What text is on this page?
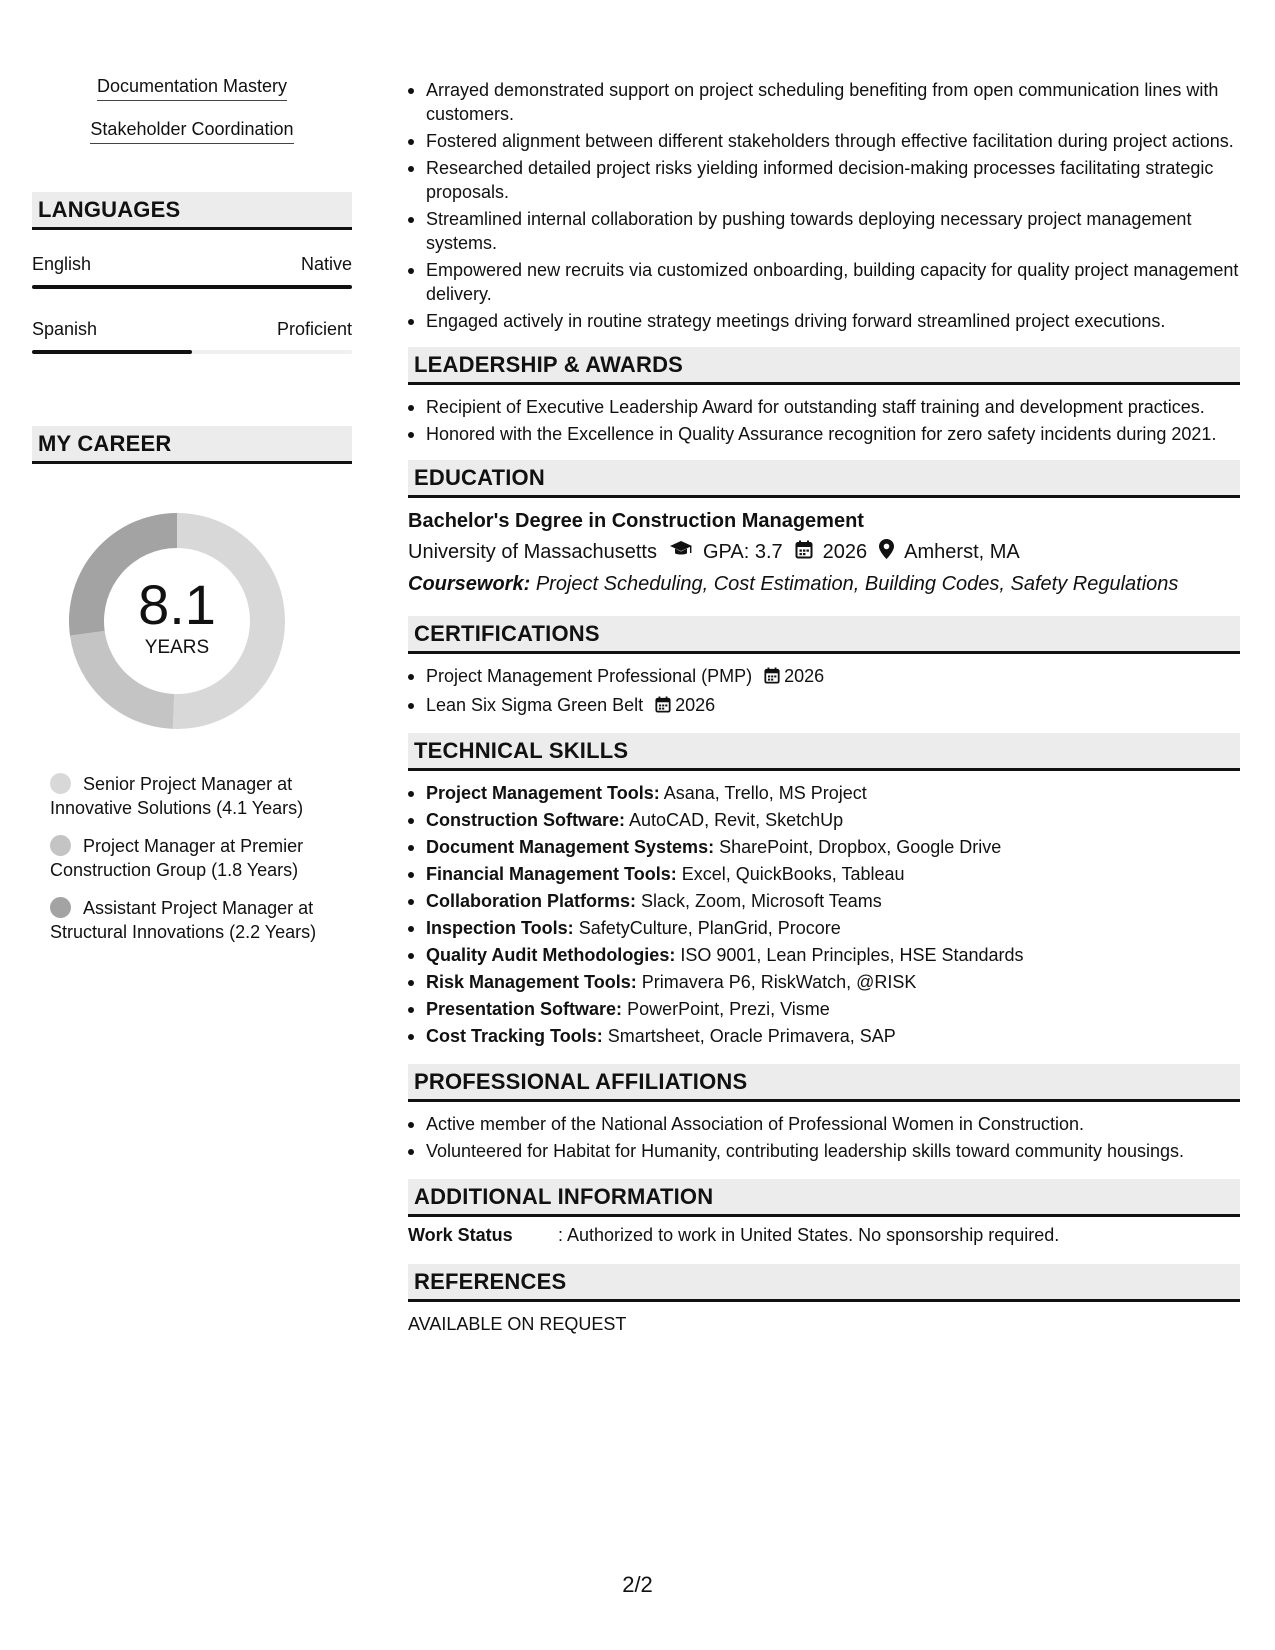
Documentation Mastery
Stakeholder Coordination
LANGUAGES
English	Native
Spanish	Proficient
MY CAREER
8.1
YEARS
Senior Project Manager at Innovative Solutions (4.1 Years)
Project Manager at Premier Construction Group (1.8 Years)
Assistant Project Manager at Structural Innovations (2.2 Years)
Arrayed demonstrated support on project scheduling benefiting from open communication lines with customers.
Fostered alignment between different stakeholders through effective facilitation during project actions.
Researched detailed project risks yielding informed decision-making processes facilitating strategic proposals.
Streamlined internal collaboration by pushing towards deploying necessary project management systems.
Empowered new recruits via customized onboarding, building capacity for quality project management delivery.
Engaged actively in routine strategy meetings driving forward streamlined project executions.
LEADERSHIP & AWARDS
Recipient of Executive Leadership Award for outstanding staff training and development practices.
Honored with the Excellence in Quality Assurance recognition for zero safety incidents during 2021.
EDUCATION
Bachelor's Degree in Construction Management
University of Massachusetts GPA: 3.7 2026 Amherst, MA
Coursework: Project Scheduling, Cost Estimation, Building Codes, Safety Regulations
CERTIFICATIONS
Project Management Professional (PMP) 2026
Lean Six Sigma Green Belt 2026
TECHNICAL SKILLS
Project Management Tools: Asana, Trello, MS Project
Construction Software: AutoCAD, Revit, SketchUp
Document Management Systems: SharePoint, Dropbox, Google Drive
Financial Management Tools: Excel, QuickBooks, Tableau
Collaboration Platforms: Slack, Zoom, Microsoft Teams
Inspection Tools: SafetyCulture, PlanGrid, Procore
Quality Audit Methodologies: ISO 9001, Lean Principles, HSE Standards
Risk Management Tools: Primavera P6, RiskWatch, @RISK
Presentation Software: PowerPoint, Prezi, Visme
Cost Tracking Tools: Smartsheet, Oracle Primavera, SAP
PROFESSIONAL AFFILIATIONS
Active member of the National Association of Professional Women in Construction.
Volunteered for Habitat for Humanity, contributing leadership skills toward community housings.
ADDITIONAL INFORMATION
Work Status	: Authorized to work in United States. No sponsorship required.
REFERENCES
AVAILABLE ON REQUEST
2/2
